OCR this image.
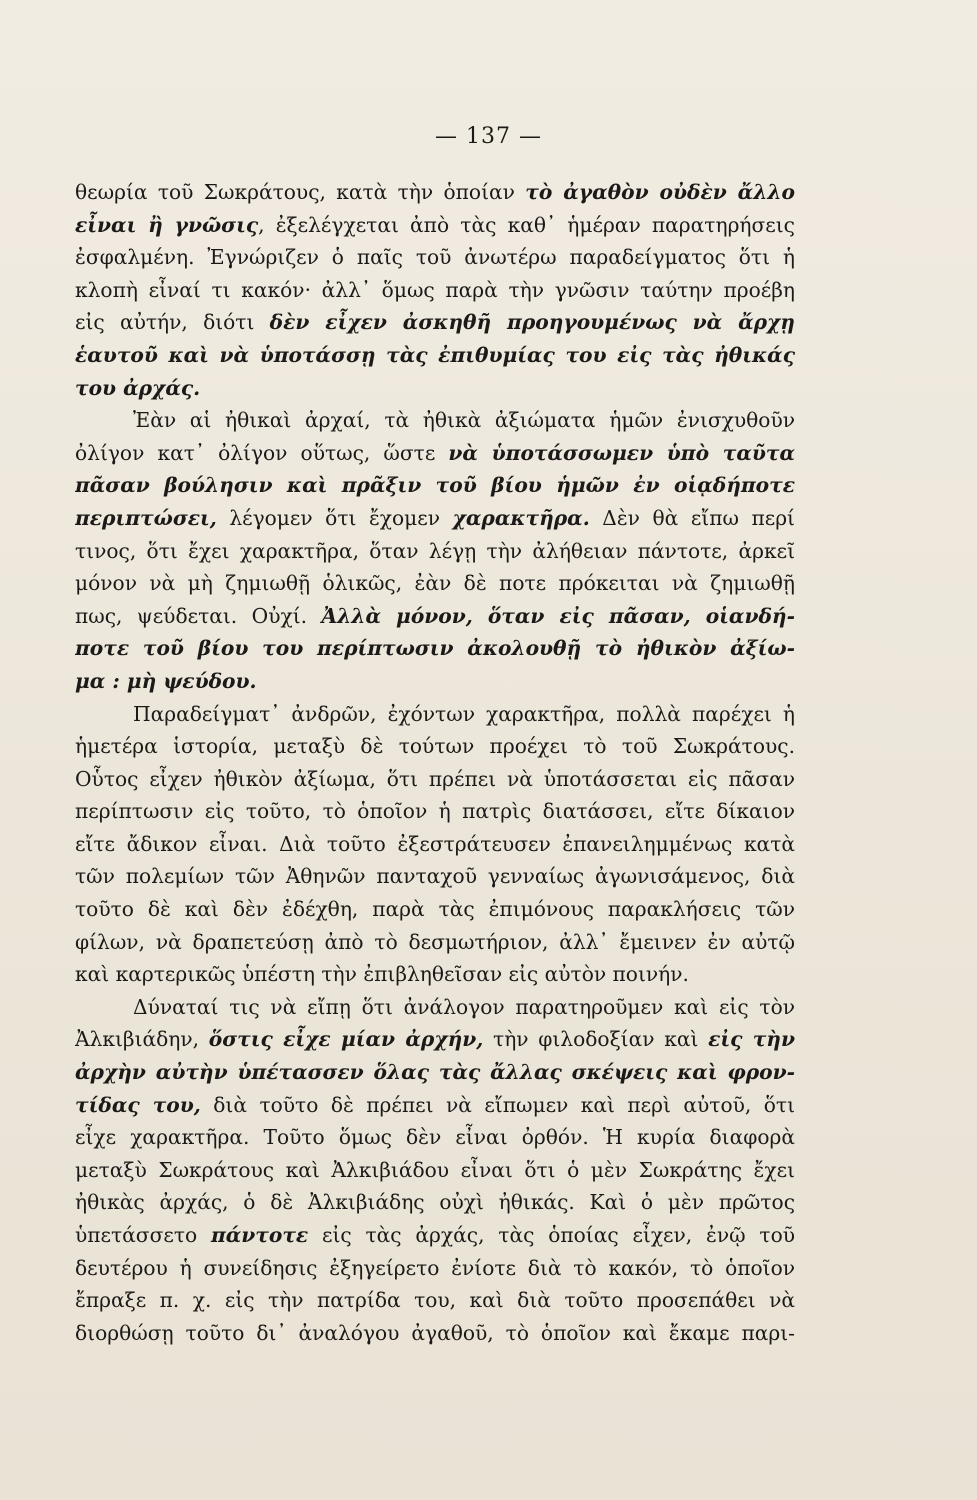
— 137 —
θεωρία τοῦ Σωκράτους, κατὰ τὴν ὁποίαν τὸ ἀγαθὸν οὐδὲν ἄλλο
εἶναι ἢ γνῶσις, ἐξελέγχεται ἀπὸ τὰς καθ᾿ ἡμέραν παρατηρήσεις
ἐσφαλμένη. Ἐγνώριζεν ὁ παῖς τοῦ ἀνωτέρω παραδείγματος ὅτι ἡ
κλοπὴ εἶναί τι κακόν· ἀλλ᾿ ὅμως παρὰ τὴν γνῶσιν ταύτην προέβη
εἰς αὐτήν, διότι δὲν εἶχεν ἀσκηθῆ προηγουμένως νὰ ἄρχῃ
ἑαυτοῦ καὶ νὰ ὑποτάσσῃ τὰς ἐπιθυμίας του εἰς τὰς ἠθικάς
του ἀρχάς.
Ἐὰν αἱ ἠθικαὶ ἀρχαί, τὰ ἠθικὰ ἀξιώματα ἡμῶν ἐνισχυθοῦν
ὀλίγον κατ᾿ ὀλίγον οὕτως, ὥστε νὰ ὑποτάσσωμεν ὑπὸ ταῦτα
πᾶσαν βούλησιν καὶ πρᾶξιν τοῦ βίου ἡμῶν ἐν οἱᾳδήποτε
περιπτώσει, λέγομεν ὅτι ἔχομεν χαρακτῆρα. Δὲν θὰ εἴπω περί
τινος, ὅτι ἔχει χαρακτῆρα, ὅταν λέγῃ τὴν ἀλήθειαν πάντοτε, ἀρκεῖ
μόνον νὰ μὴ ζημιωθῇ ὁλικῶς, ἐὰν δὲ ποτε πρόκειται νὰ ζημιωθῇ
πως, ψεύδεται. Οὐχί. Ἀλλὰ μόνον, ὅταν εἰς πᾶσαν, οἱανδή-
ποτε τοῦ βίου του περίπτωσιν ἀκολουθῇ τὸ ἠθικὸν ἀξίω-
μα : μὴ ψεύδου.
Παραδείγματ᾿ ἀνδρῶν, ἐχόντων χαρακτῆρα, πολλὰ παρέχει ἡ
ἡμετέρα ἱστορία, μεταξὺ δὲ τούτων προέχει τὸ τοῦ Σωκράτους.
Οὗτος εἶχεν ἠθικὸν ἀξίωμα, ὅτι πρέπει νὰ ὑποτάσσεται εἰς πᾶσαν
περίπτωσιν εἰς τοῦτο, τὸ ὁποῖον ἡ πατρὶς διατάσσει, εἴτε δίκαιον
εἴτε ἄδικον εἶναι. Διὰ τοῦτο ἐξεστράτευσεν ἐπανειλημμένως κατὰ
τῶν πολεμίων τῶν Ἀθηνῶν πανταχοῦ γενναίως ἀγωνισάμενος, διὰ
τοῦτο δὲ καὶ δὲν ἐδέχθη, παρὰ τὰς ἐπιμόνους παρακλήσεις τῶν
φίλων, νὰ δραπετεύσῃ ἀπὸ τὸ δεσμωτήριον, ἀλλ᾿ ἔμεινεν ἐν αὐτῷ
καὶ καρτερικῶς ὑπέστη τὴν ἐπιβληθεῖσαν εἰς αὐτὸν ποινήν.
Δύναταί τις νὰ εἴπῃ ὅτι ἀνάλογον παρατηροῦμεν καὶ εἰς τὸν
Ἀλκιβιάδην, ὅστις εἶχε μίαν ἀρχήν, τὴν φιλοδοξίαν καὶ εἰς τὴν
ἀρχὴν αὐτὴν ὑπέτασσεν ὅλας τὰς ἄλλας σκέψεις καὶ φρον-
τίδας του, διὰ τοῦτο δὲ πρέπει νὰ εἴπωμεν καὶ περὶ αὐτοῦ, ὅτι
εἶχε χαρακτῆρα. Τοῦτο ὅμως δὲν εἶναι ὀρθόν. Ἡ κυρία διαφορὰ
μεταξὺ Σωκράτους καὶ Ἀλκιβιάδου εἶναι ὅτι ὁ μὲν Σωκράτης ἔχει
ἠθικὰς ἀρχάς, ὁ δὲ Ἀλκιβιάδης οὐχὶ ἠθικάς. Καὶ ὁ μὲν πρῶτος
ὑπετάσσετο πάντοτε εἰς τὰς ἀρχάς, τὰς ὁποίας εἶχεν, ἐνῷ τοῦ
δευτέρου ἡ συνείδησις ἐξηγείρετο ἐνίοτε διὰ τὸ κακόν, τὸ ὁποῖον
ἔπραξε π. χ. εἰς τὴν πατρίδα του, καὶ διὰ τοῦτο προσεπάθει νὰ
διορθώσῃ τοῦτο δι᾿ ἀναλόγου ἀγαθοῦ, τὸ ὁποῖον καὶ ἔκαμε παρι-
